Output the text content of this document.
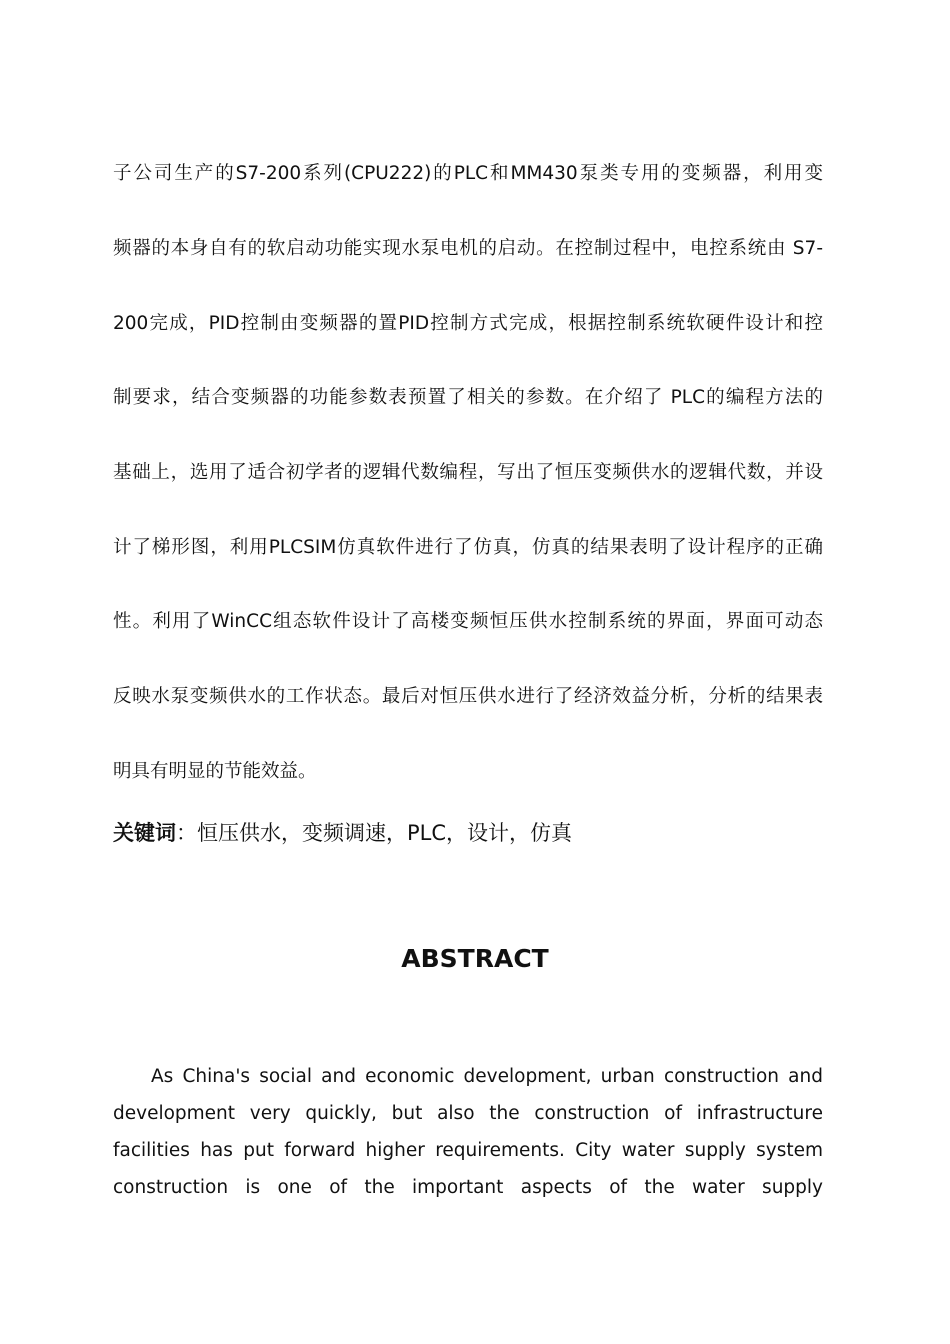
子公司生产的S7-200系列(CPU222)的PLC和MM430泵类专用的变频器，利用变
频器的本身自有的软启动功能实现水泵电机的启动。在控制过程中，电控系统由 S7-
200完成，PID控制由变频器的置PID控制方式完成，根据控制系统软硬件设计和控
制要求，结合变频器的功能参数表预置了相关的参数。在介绍了 PLC的编程方法的
基础上，选用了适合初学者的逻辑代数编程，写出了恒压变频供水的逻辑代数，并设
计了梯形图，利用PLCSIM仿真软件进行了仿真，仿真的结果表明了设计程序的正确
性。利用了WinCC组态软件设计了高楼变频恒压供水控制系统的界面，界面可动态
反映水泵变频供水的工作状态。最后对恒压供水进行了经济效益分析，分析的结果表
明具有明显的节能效益。
关键词：恒压供水，变频调速，PLC，设计，仿真
ABSTRACT
As China's social and economic development, urban construction and
development very quickly, but also the construction of infrastructure
facilities has put forward higher requirements. City water supply system
construction is one of the important aspects of the water supply
